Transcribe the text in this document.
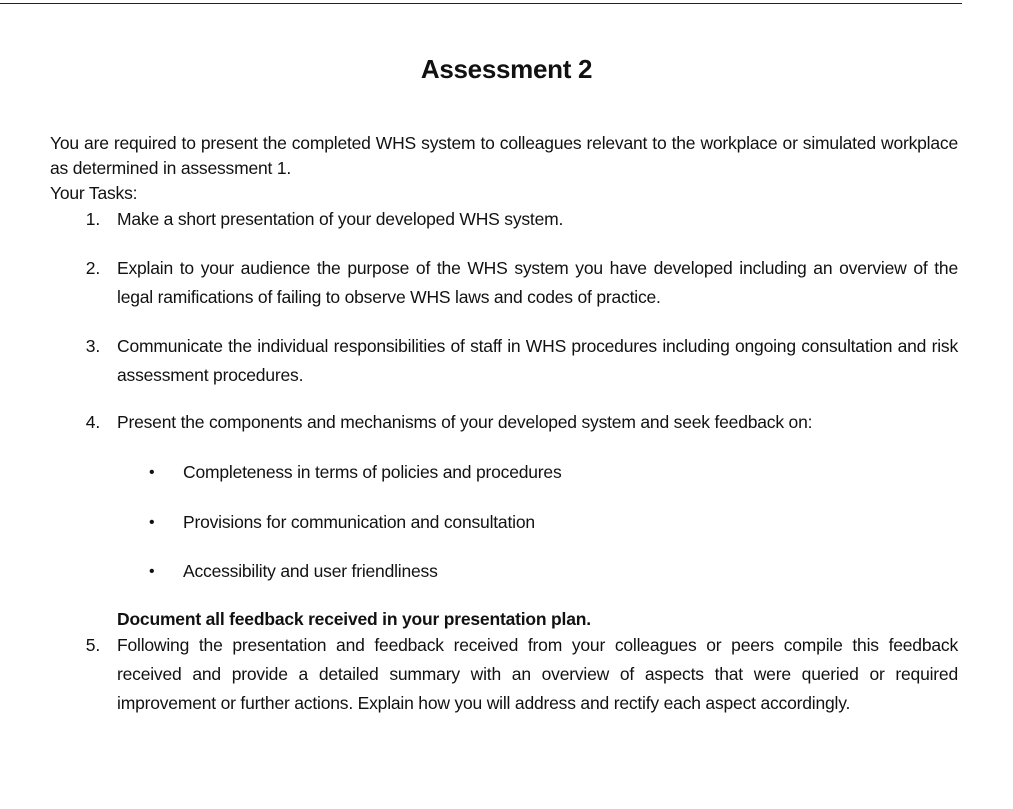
Assessment 2
You are required to present the completed WHS system to colleagues relevant to the workplace or simulated workplace as determined in assessment 1.
Your Tasks:
1. Make a short presentation of your developed WHS system.
2. Explain to your audience the purpose of the WHS system you have developed including an overview of the legal ramifications of failing to observe WHS laws and codes of practice.
3. Communicate the individual responsibilities of staff in WHS procedures including ongoing consultation and risk assessment procedures.
4. Present the components and mechanisms of your developed system and seek feedback on:
• Completeness in terms of policies and procedures
• Provisions for communication and consultation
• Accessibility and user friendliness
Document all feedback received in your presentation plan.
5. Following the presentation and feedback received from your colleagues or peers compile this feedback received and provide a detailed summary with an overview of aspects that were queried or required improvement or further actions. Explain how you will address and rectify each aspect accordingly.
